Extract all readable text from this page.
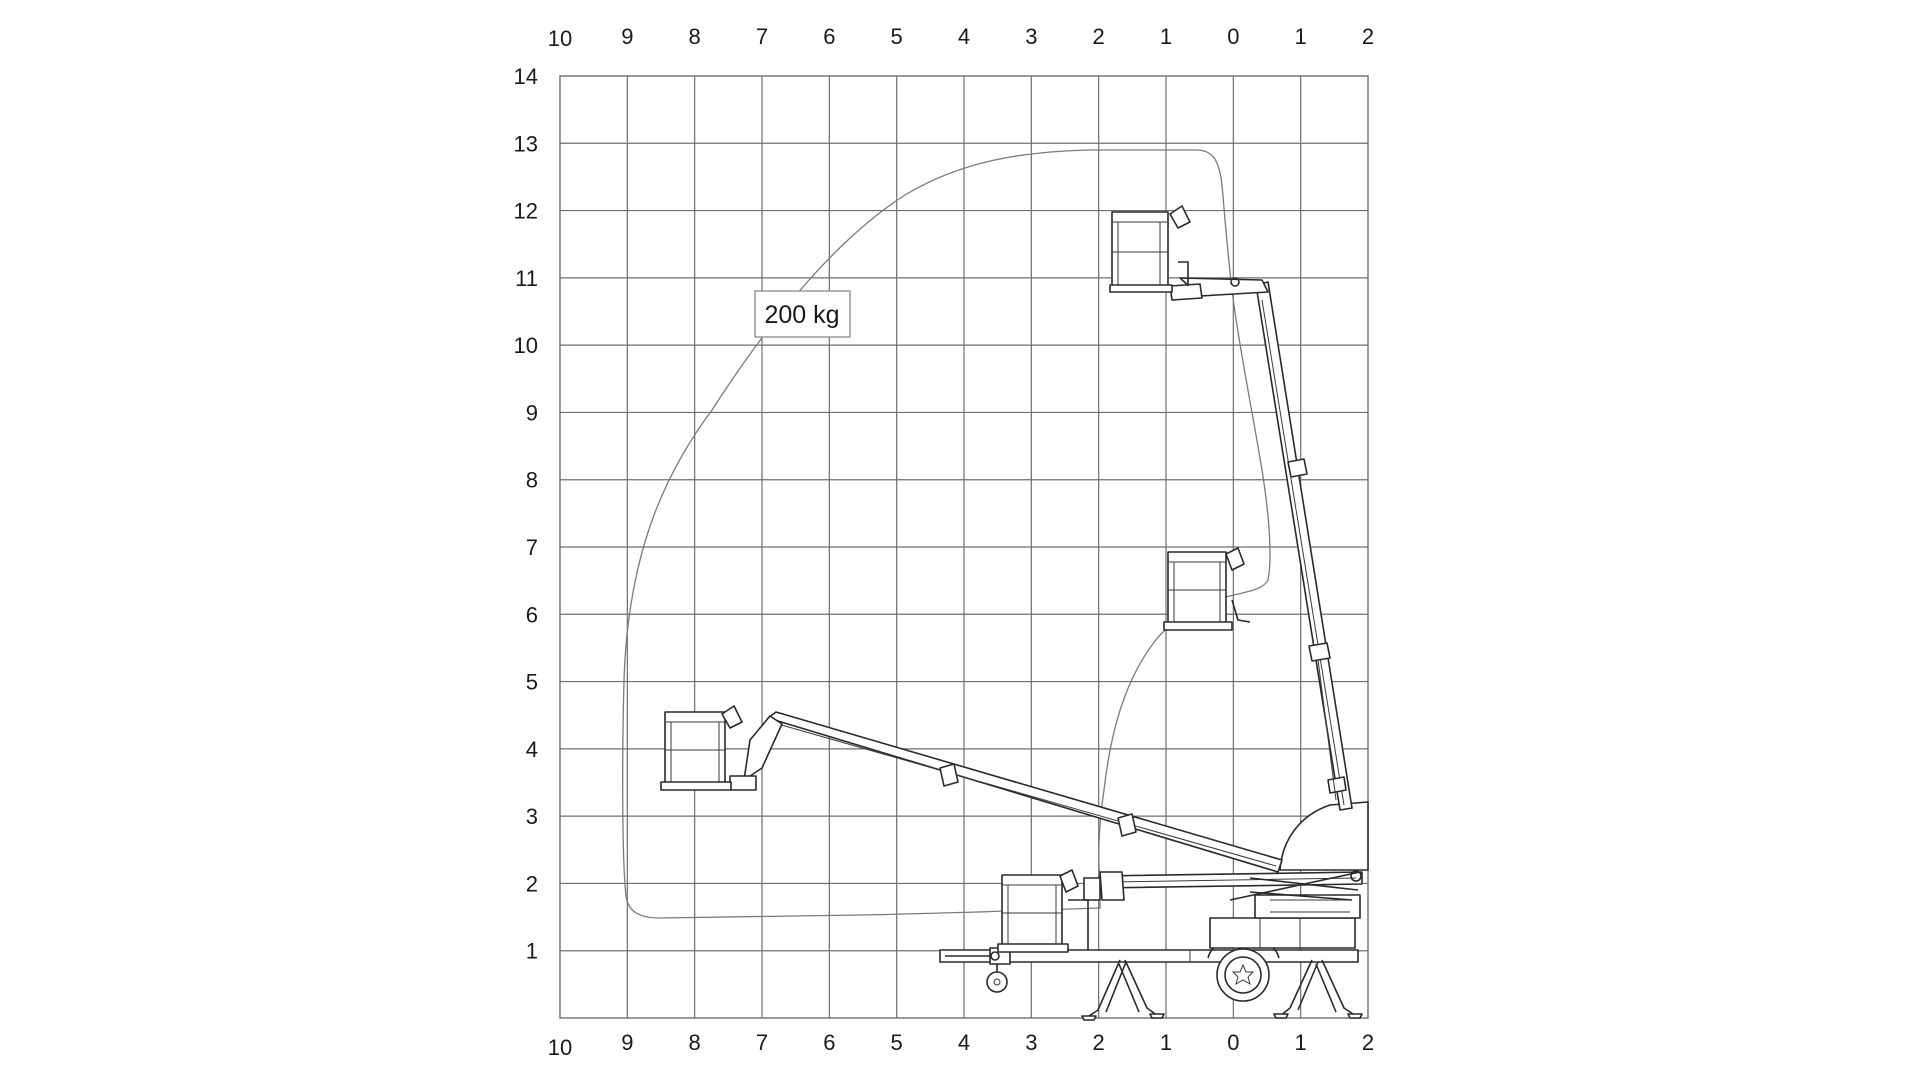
10 9	8	7	6	5	4	3	2	1	0	1	2
10 9	8	7	6	5	4	3	2	1	0	1	2
1
2
3
4
5
6
7
8
9
10
11
12
13
14
200 kg
